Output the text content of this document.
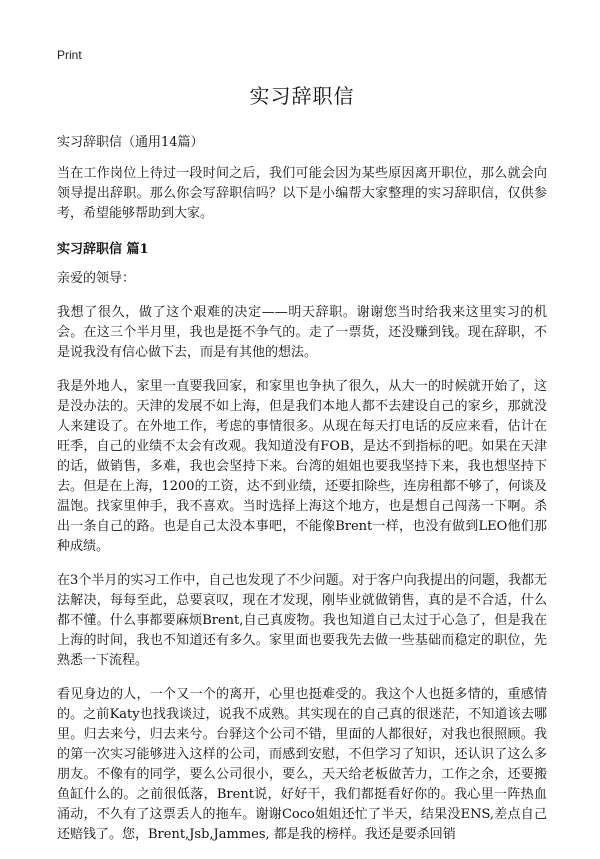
Print
实习辞职信
实习辞职信（通用14篇）

当在工作岗位上待过一段时间之后，我们可能会因为某些原因离开职位，那么就会向领导提出辞职。那么你会写辞职信吗？以下是小编帮大家整理的实习辞职信，仅供参考，希望能够帮助到大家。

实习辞职信 篇1

亲爱的领导：

我想了很久，做了这个艰难的决定——明天辞职。谢谢您当时给我来这里实习的机会。在这三个半月里，我也是挺不争气的。走了一票货，还没赚到钱。现在辞职，不是说我没有信心做下去，而是有其他的想法。

我是外地人，家里一直要我回家，和家里也争执了很久，从大一的时候就开始了，这是没办法的。天津的发展不如上海，但是我们本地人都不去建设自己的家乡，那就没人来建设了。在外地工作，考虑的事情很多。从现在每天打电话的反应来看，估计在旺季，自己的业绩不太会有改观。我知道没有FOB，是达不到指标的吧。如果在天津的话，做销售，多难，我也会坚持下来。台湾的姐姐也要我坚持下来，我也想坚持下去。但是在上海，1200的工资，达不到业绩，还要扣除些，连房租都不够了，何谈及温饱。找家里伸手，我不喜欢。当时选择上海这个地方，也是想自己闯荡一下啊。杀出一条自己的路。也是自己太没本事吧，不能像Brent一样，也没有做到LEO他们那种成绩。

在3个半月的实习工作中，自己也发现了不少问题。对于客户向我提出的问题，我都无法解决，每每至此，总要哀叹，现在才发现，刚毕业就做销售，真的是不合适，什么都不懂。什么事都要麻烦Brent,自己真废物。我也知道自己太过于心急了，但是我在上海的时间，我也不知道还有多久。家里面也要我先去做一些基础而稳定的职位，先熟悉一下流程。

看见身边的人，一个又一个的离开，心里也挺难受的。我这个人也挺多情的，重感情的。之前Katy也找我谈过，说我不成熟。其实现在的自己真的很迷茫，不知道该去哪里。归去来兮，归去来兮。台驿这个公司不错，里面的人都很好，对我也很照顾。我的第一次实习能够进入这样的公司，而感到安慰，不但学习了知识，还认识了这么多朋友。不像有的同学，要么公司很小，要么，天天给老板做苦力，工作之余，还要搬鱼缸什么的。之前很低落，Brent说，好好干，我们都挺看好你的。我心里一阵热血涌动，不久有了这票丢人的拖车。谢谢Coco姐姐还忙了半天，结果没ENS,差点自己还赔钱了。您，Brent,Jsb,Jammes, 都是我的榜样。我还是要杀回销
